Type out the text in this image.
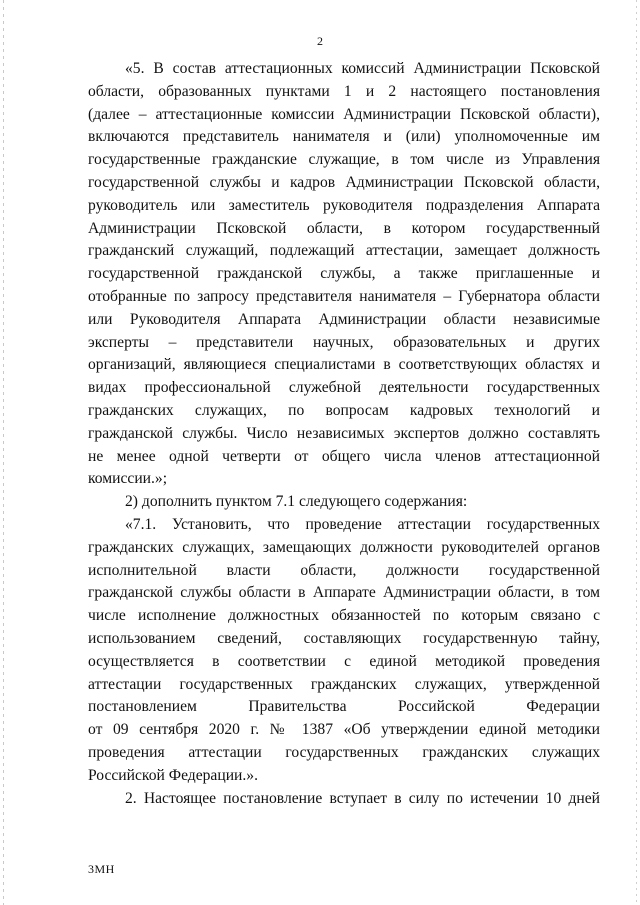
2

«5. В состав аттестационных комиссий Администрации Псковской
области, образованных пунктами 1 и 2 настоящего постановления
(далее – аттестационные комиссии Администрации Псковской области),
включаются представитель нанимателя и (или) уполномоченные им
государственные гражданские служащие, в том числе из Управления
государственной службы и кадров Администрации Псковской области,
руководитель или заместитель руководителя подразделения Аппарата
Администрации Псковской области, в котором государственный
гражданский служащий, подлежащий аттестации, замещает должность
государственной гражданской службы, а также приглашенные и
отобранные по запросу представителя нанимателя – Губернатора области
или Руководителя Аппарата Администрации области независимые
эксперты – представители научных, образовательных и других
организаций, являющиеся специалистами в соответствующих областях и
видах профессиональной служебной деятельности государственных
гражданских служащих, по вопросам кадровых технологий и
гражданской службы. Число независимых экспертов должно составлять
не менее одной четверти от общего числа членов аттестационной
комиссии.»;

2) дополнить пунктом 7.1 следующего содержания:

«7.1. Установить, что проведение аттестации государственных
гражданских служащих, замещающих должности руководителей органов
исполнительной власти области, должности государственной
гражданской службы области в Аппарате Администрации области, в том
числе исполнение должностных обязанностей по которым связано с
использованием сведений, составляющих государственную тайну,
осуществляется в соответствии с единой методикой проведения
аттестации государственных гражданских служащих, утвержденной
постановлением Правительства Российской Федерации
от 09 сентября 2020 г. № 1387 «Об утверждении единой методики
проведения аттестации государственных гражданских служащих
Российской Федерации.».

2. Настоящее постановление вступает в силу по истечении 10 дней

3МН
